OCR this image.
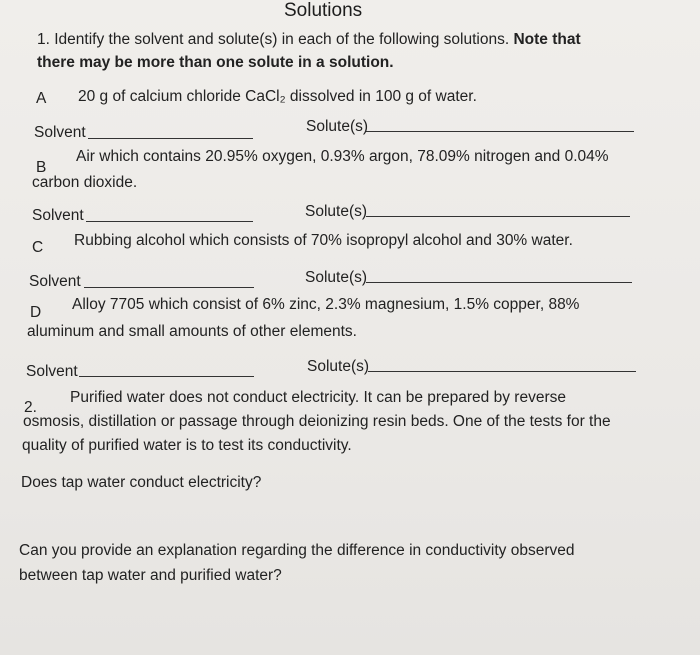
Solutions
1. Identify the solvent and solute(s) in each of the following solutions. Note that
there may be more than one solute in a solution.
A 20 g of calcium chloride CaCl₂ dissolved in 100 g of water.
Solvent	Solute(s)
B
Air which contains 20.95% oxygen, 0.93% argon, 78.09% nitrogen and 0.04%
carbon dioxide.
Solvent	Solute(s)
C Rubbing alcohol which consists of 70% isopropyl alcohol and 30% water.
Solvent	Solute(s)
D Alloy 7705 which consist of 6% zinc, 2.3% magnesium, 1.5% copper, 88%
aluminum and small amounts of other elements.
Solvent	Solute(s)
2.
Purified water does not conduct electricity. It can be prepared by reverse
osmosis, distillation or passage through deionizing resin beds. One of the tests for the
quality of purified water is to test its conductivity.
Does tap water conduct electricity?
Can you provide an explanation regarding the difference in conductivity observed
between tap water and purified water?
